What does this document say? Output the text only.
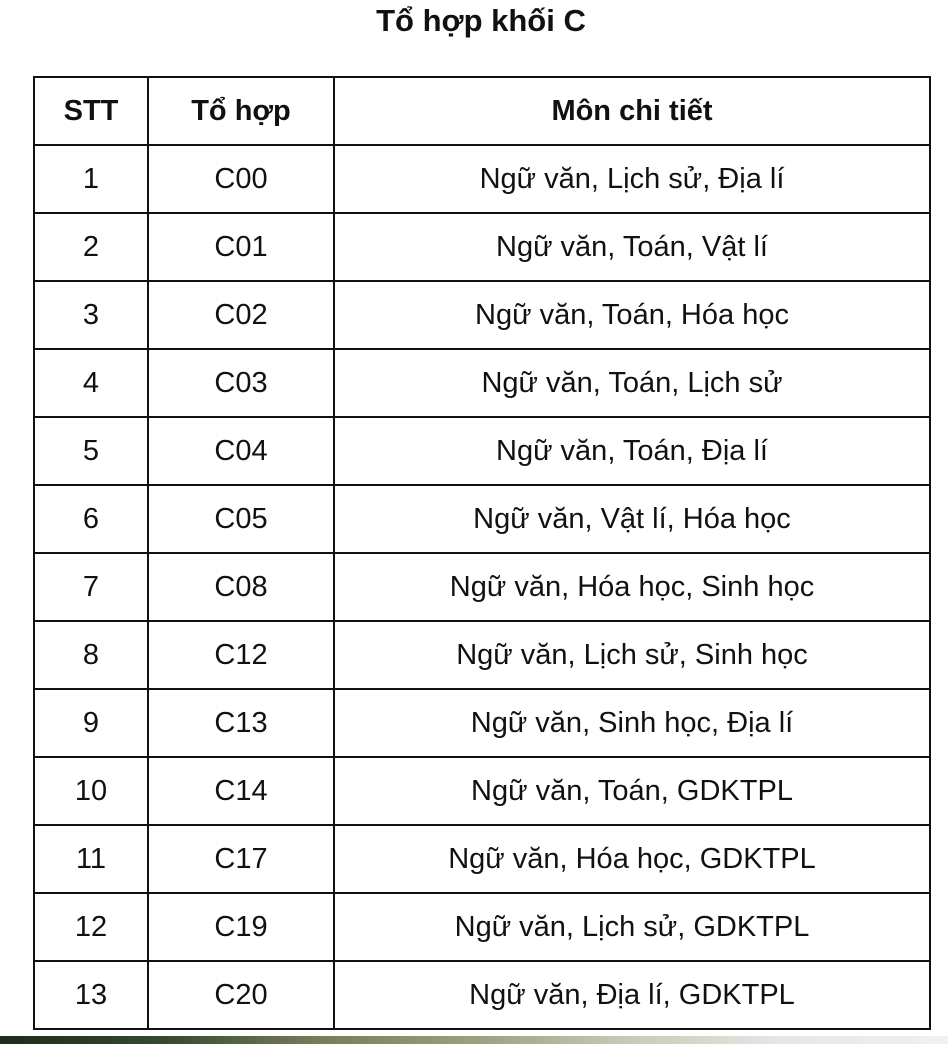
Tổ hợp khối C
STT	Tổ hợp	Môn chi tiết
1	C00	Ngữ văn, Lịch sử, Địa lí
2	C01	Ngữ văn, Toán, Vật lí
3	C02	Ngữ văn, Toán, Hóa học
4	C03	Ngữ văn, Toán, Lịch sử
5	C04	Ngữ văn, Toán, Địa lí
6	C05	Ngữ văn, Vật lí, Hóa học
7	C08	Ngữ văn, Hóa học, Sinh học
8	C12	Ngữ văn, Lịch sử, Sinh học
9	C13	Ngữ văn, Sinh học, Địa lí
10	C14	Ngữ văn, Toán, GDKTPL
11	C17	Ngữ văn, Hóa học, GDKTPL
12	C19	Ngữ văn, Lịch sử, GDKTPL
13	C20	Ngữ văn, Địa lí, GDKTPL
